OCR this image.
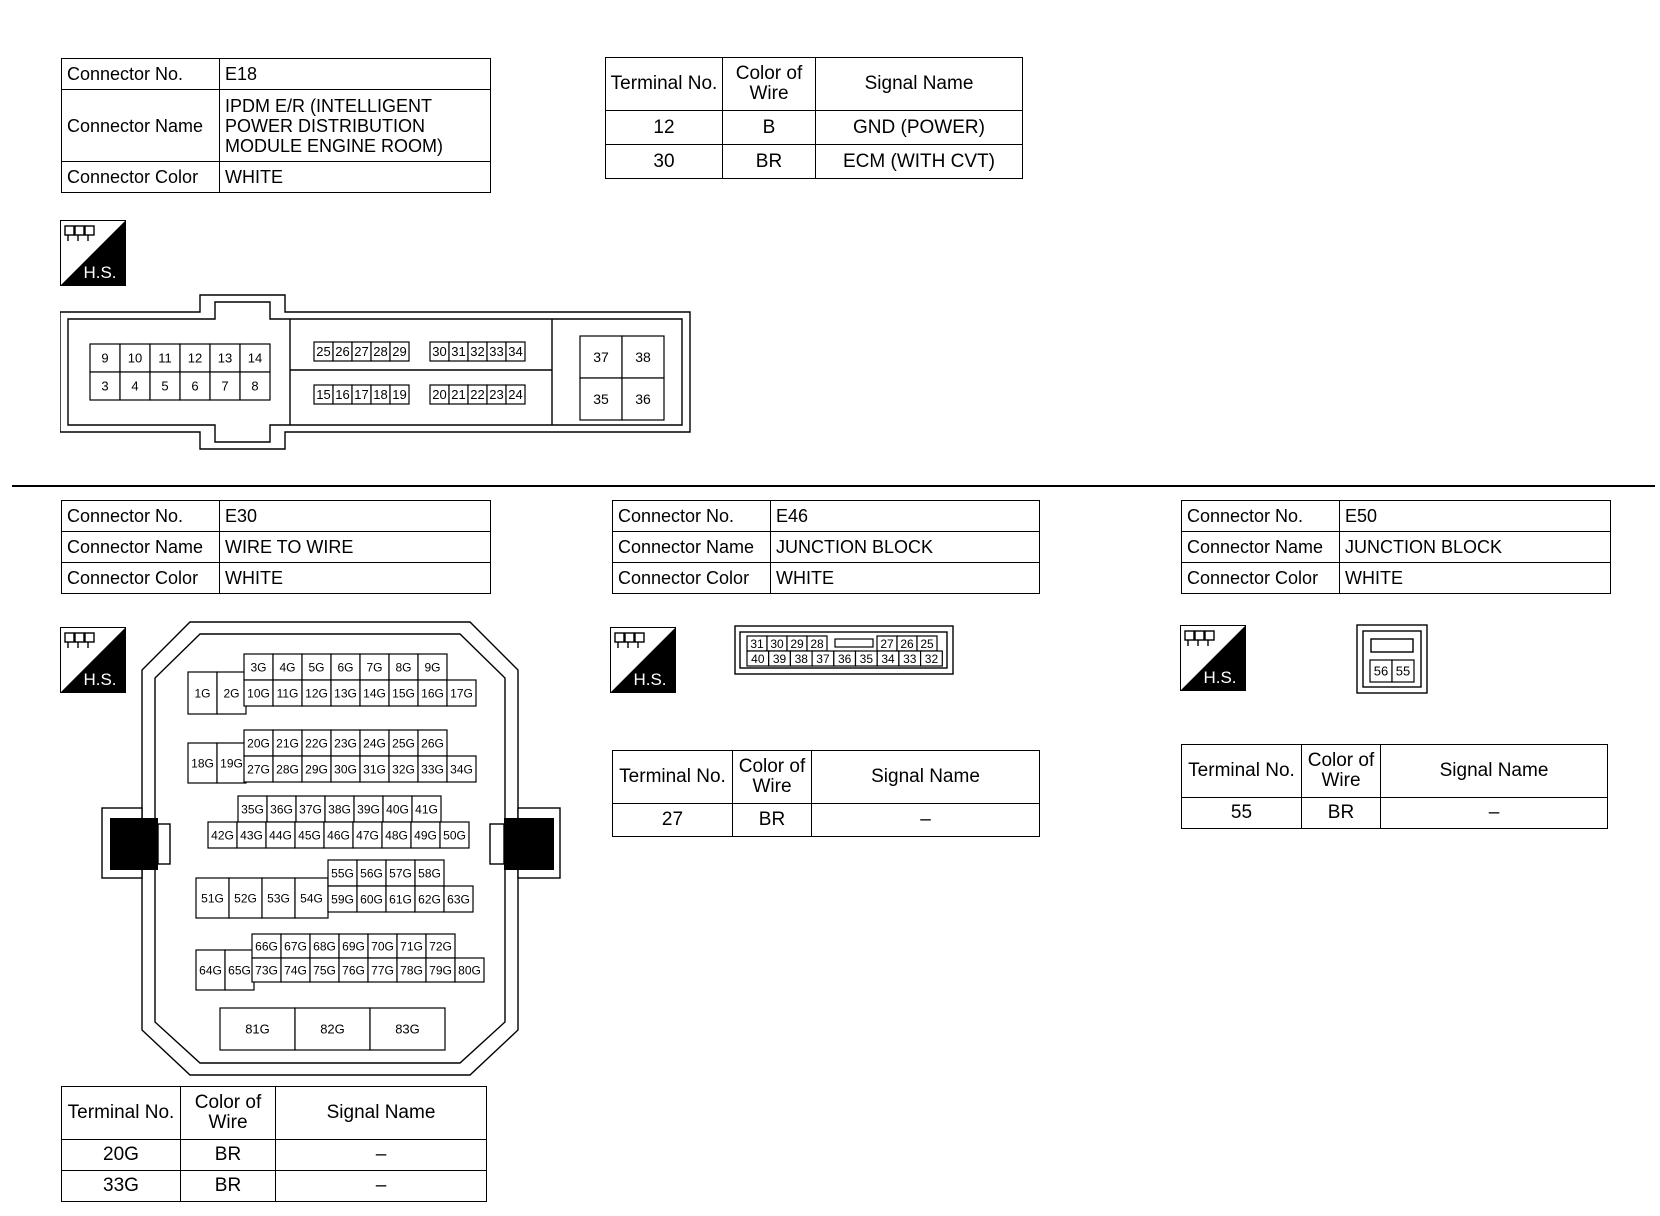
Connector No.	E18
Connector Name	IPDM E/R (INTELLIGENT
POWER DISTRIBUTION
MODULE ENGINE ROOM)

Connector Color	WHITE
Terminal No.	Color of Wire	Signal Name
12	B	GND (POWER)
30	BR	ECM (WITH CVT)
H.S.
9 10 11 12 13 14
3 4 5 6 7 8
25 26 27 28 29 30 31 32 33 34
15 16 17 18 19 20 21 22 23 24
37 38
35 36
Connector No.	E30
Connector Name	WIRE TO WIRE
Connector Color	WHITE
H.S.
1G 2G
3G 4G 5G 6G 7G 8G 9G
10G 11G 12G 13G 14G 15G 16G 17G
18G 19G
20G 21G 22G 23G 24G 25G 26G
27G 28G 29G 30G 31G 32G 33G 34G
35G 36G 37G 38G 39G 40G 41G
42G 43G 44G 45G 46G 47G 48G 49G 50G
51G 52G 53G 54G
55G 56G 57G 58G
59G 60G 61G 62G 63G
64G 65G
66G 67G 68G 69G 70G 71G 72G
73G 74G 75G 76G 77G 78G 79G 80G
81G	82G	83G
Terminal No.	Color of Wire	Signal Name
20G	BR	–
33G	BR	–
Connector No.	E46
Connector Name	JUNCTION BLOCK
Connector Color	WHITE
H.S.
31 30 29 28	27 26 25
40 39 38 37 36 35 34 33 32
Terminal No.	Color of Wire	Signal Name
27	BR	–
Connector No.	E50
Connector Name	JUNCTION BLOCK
Connector Color	WHITE
H.S.	56 55
Terminal No.	Color of Wire	Signal Name
55	BR	–
